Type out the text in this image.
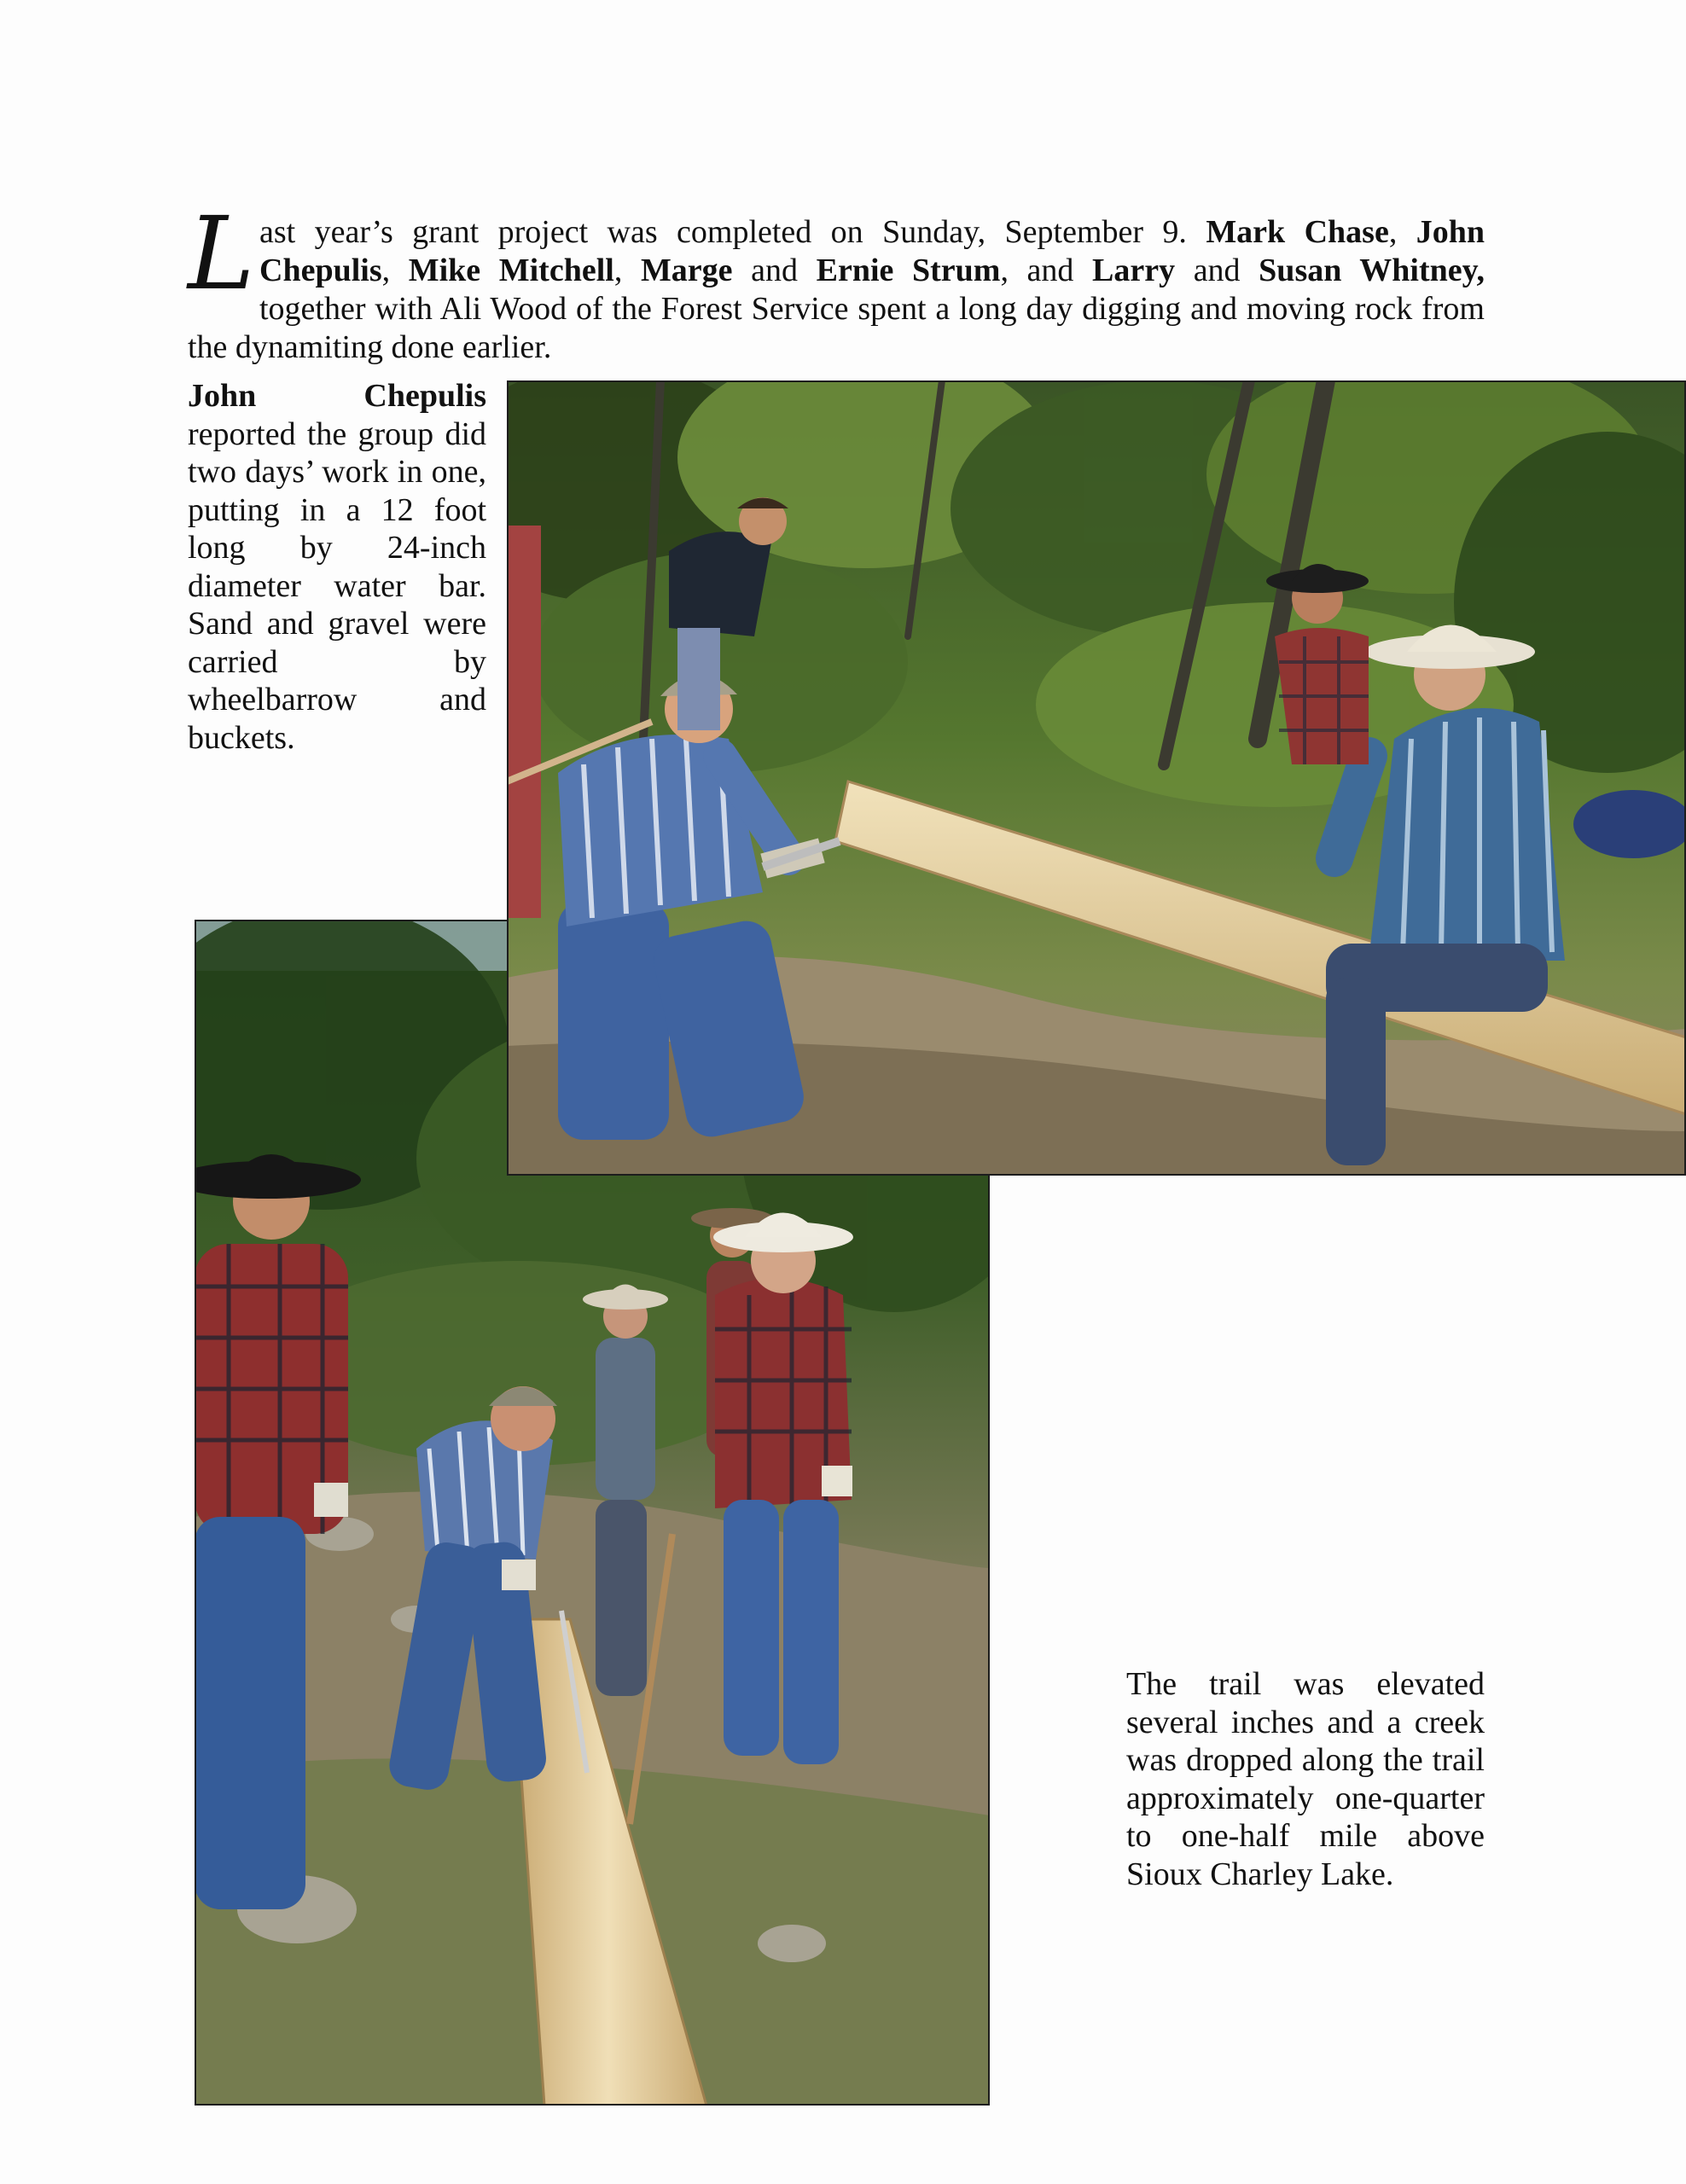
L ast year’s grant project was completed on Sunday, September 9. Mark Chase, John Chepulis, Mike Mitchell, Marge and Ernie Strum, and Larry and Susan Whitney, together with Ali Wood of the Forest Service spent a long day digging and moving rock from the dynamiting done earlier.

John Chepulis reported the group did two days’ work in one, putting in a 12 foot long by 24-inch diameter water bar. Sand and gravel were carried by wheelbarrow and
buckets.

The trail was elevated several inches and a creek was dropped along the trail approximately one-quarter to one-half mile above Sioux Charley Lake.
